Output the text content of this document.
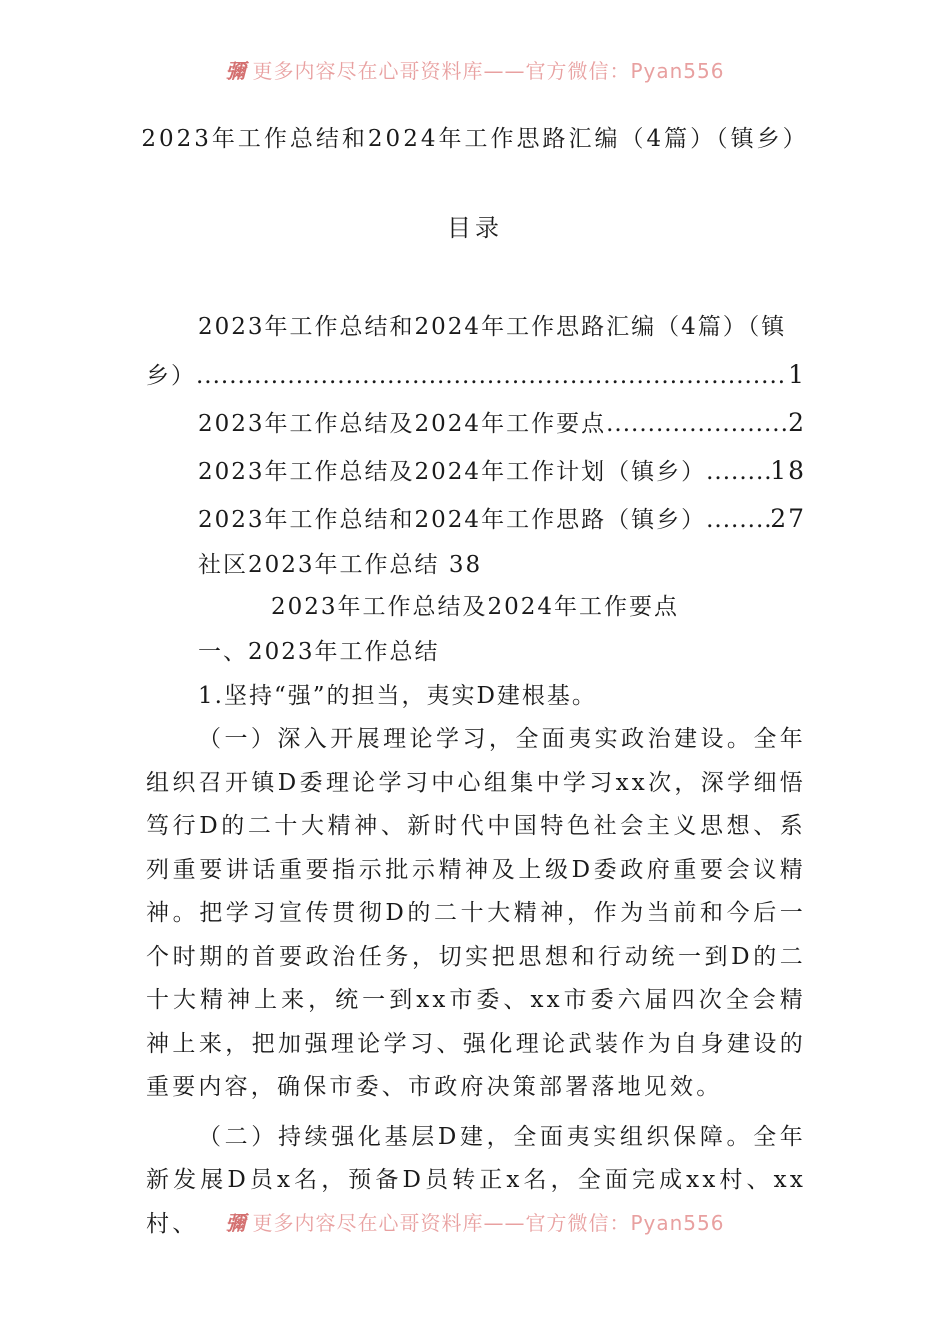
彌 更多内容尽在心哥资料库——官方微信：Pyan556
2023年工作总结和2024年工作思路汇编（4篇）（镇乡）
目录
2023年工作总结和2024年工作思路汇编（4篇）（镇
乡） .....	1
2023年工作总结及2024年工作要点 .....	2
2023年工作总结及2024年工作计划（镇乡） .....	18
2023年工作总结和2024年工作思路（镇乡） .....	27
社区2023年工作总结 38
2023年工作总结及2024年工作要点
一、2023年工作总结
1.坚持“强”的担当，夷实D建根基。

（一）深入开展理论学习，全面夷实政治建设。全年组织召开镇D委理论学习中心组集中学习xx次，深学细悟笃行D的二十大精神、新时代中国特色社会主义思想、系列重要讲话重要指示批示精神及上级D委政府重要会议精神。把学习宣传贯彻D的二十大精神，作为当前和今后一个时期的首要政治任务，切实把思想和行动统一到D的二十大精神上来，统一到xx市委、xx市委六届四次全会精神上来，把加强理论学习、强化理论武装作为自身建设的重要内容，确保市委、市政府决策部署落地见效。

（二）持续强化基层D建，全面夷实组织保障。全年新发展D员x名，预备D员转正x名，全面完成xx村、xx村、	彌 更多内容尽在心哥资料库——官方微信：Pyan556
